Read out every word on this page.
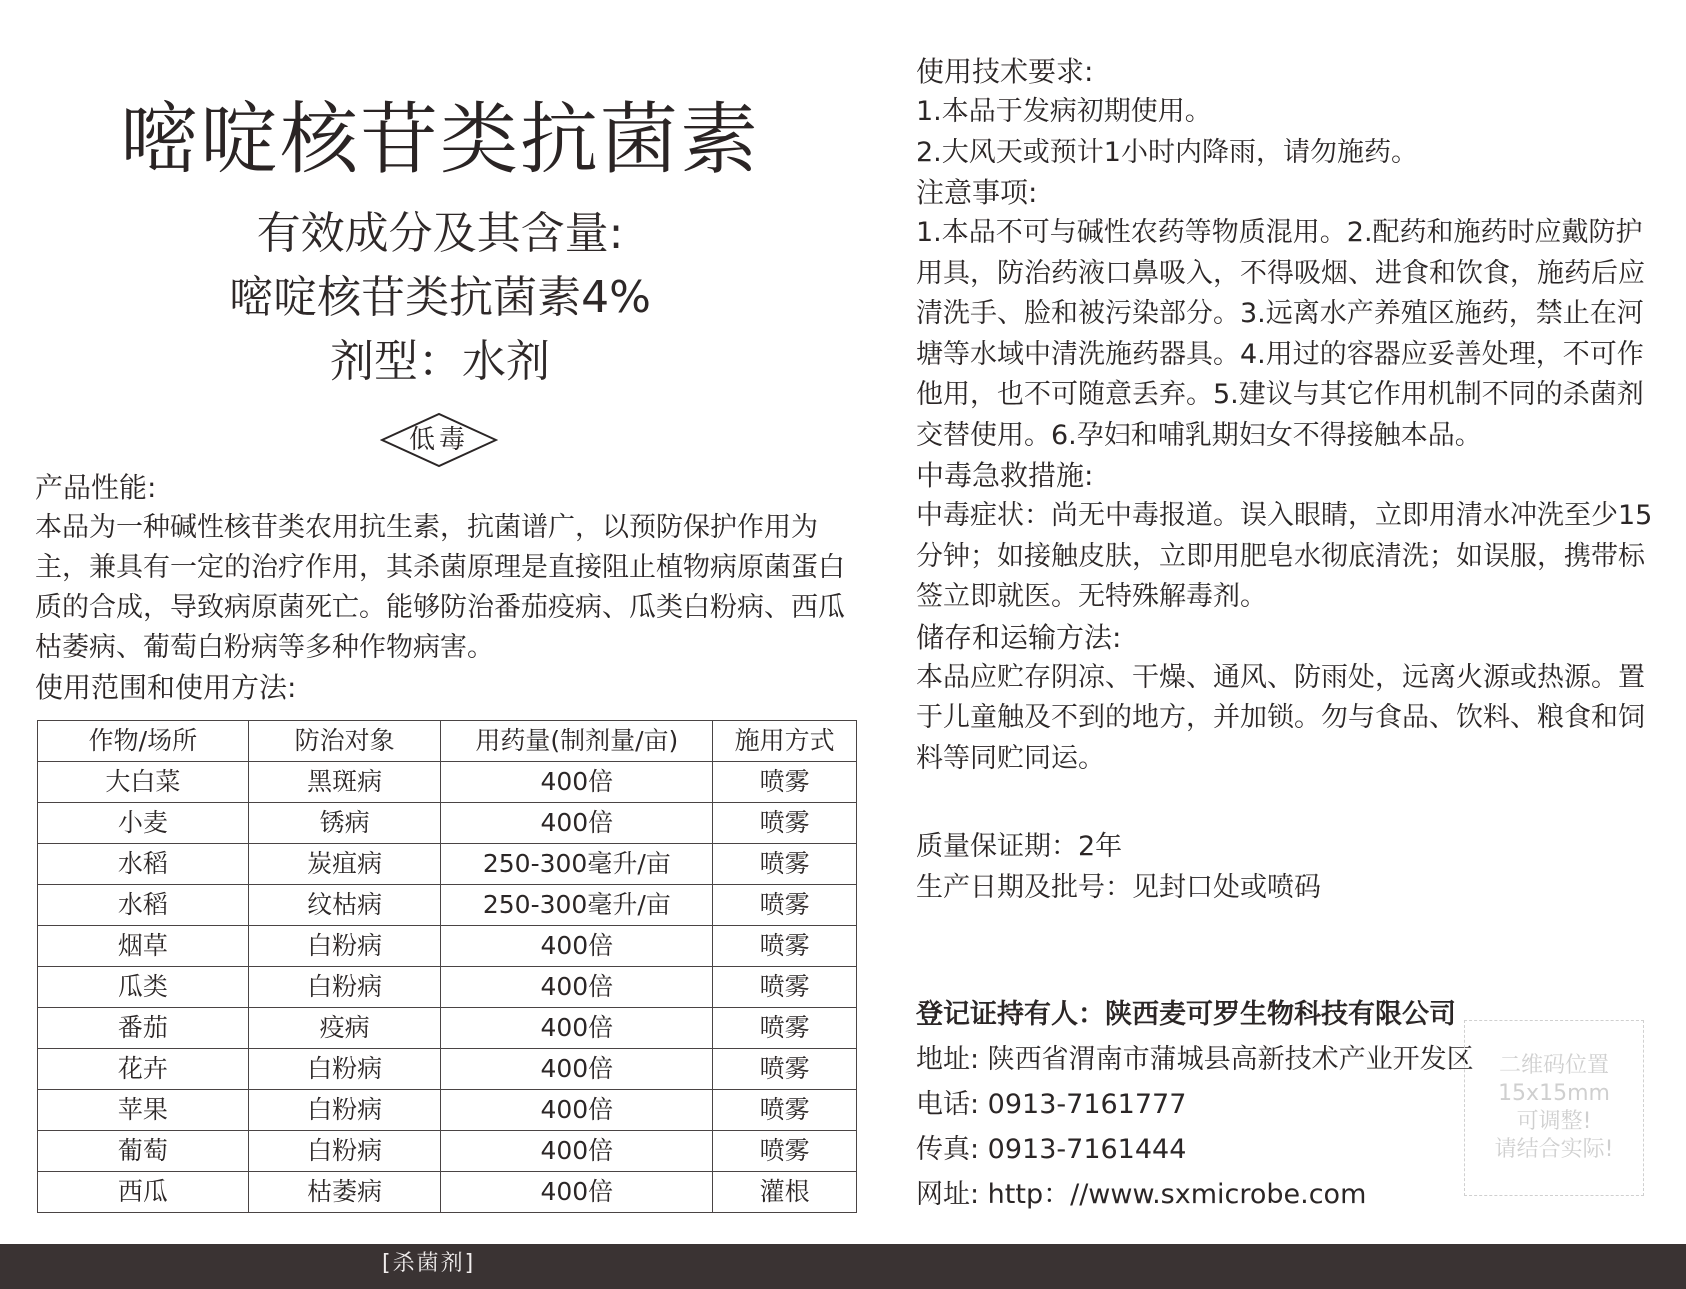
嘧啶核苷类抗菌素
有效成分及其含量:
嘧啶核苷类抗菌素4%
剂型：水剂
低毒
产品性能:

本品为一种碱性核苷类农用抗生素，抗菌谱广，以预防保护作用为主，兼具有一定的治疗作用，其杀菌原理是直接阻止植物病原菌蛋白质的合成，导致病原菌死亡。能够防治番茄疫病、瓜类白粉病、西瓜枯萎病、葡萄白粉病等多种作物病害。

使用范围和使用方法:
作物/场所	防治对象	用药量(制剂量/亩)	施用方式
大白菜	黑斑病	400倍	喷雾
小麦	锈病	400倍	喷雾
水稻	炭疽病	250-300毫升/亩	喷雾
水稻	纹枯病	250-300毫升/亩	喷雾
烟草	白粉病	400倍	喷雾
瓜类	白粉病	400倍	喷雾
番茄	疫病	400倍	喷雾
花卉	白粉病	400倍	喷雾
苹果	白粉病	400倍	喷雾
葡萄	白粉病	400倍	喷雾
西瓜	枯萎病	400倍	灌根
使用技术要求:
1.本品于发病初期使用。
2.大风天或预计1小时内降雨，请勿施药。
注意事项:

1.本品不可与碱性农药等物质混用。2.配药和施药时应戴防护用具，防治药液口鼻吸入，不得吸烟、进食和饮食，施药后应清洗手、脸和被污染部分。3.远离水产养殖区施药，禁止在河塘等水域中清洗施药器具。4.用过的容器应妥善处理，不可作他用，也不可随意丢弃。5.建议与其它作用机制不同的杀菌剂交替使用。6.孕妇和哺乳期妇女不得接触本品。

中毒急救措施:

中毒症状：尚无中毒报道。误入眼睛，立即用清水冲洗至少15分钟；如接触皮肤，立即用肥皂水彻底清洗；如误服，携带标签立即就医。无特殊解毒剂。

储存和运输方法:

本品应贮存阴凉、干燥、通风、防雨处，远离火源或热源。置于儿童触及不到的地方，并加锁。勿与食品、饮料、粮食和饲料等同贮同运。

质量保证期：2年
生产日期及批号：见封口处或喷码
登记证持有人：陕西麦可罗生物科技有限公司
地址: 陕西省渭南市蒲城县高新技术产业开发区
电话: 0913-7161777
传真: 0913-7161444
网址: http：//www.sxmicrobe.com
二维码位置
15x15mm
可调整!
请结合实际!
[杀菌剂]
